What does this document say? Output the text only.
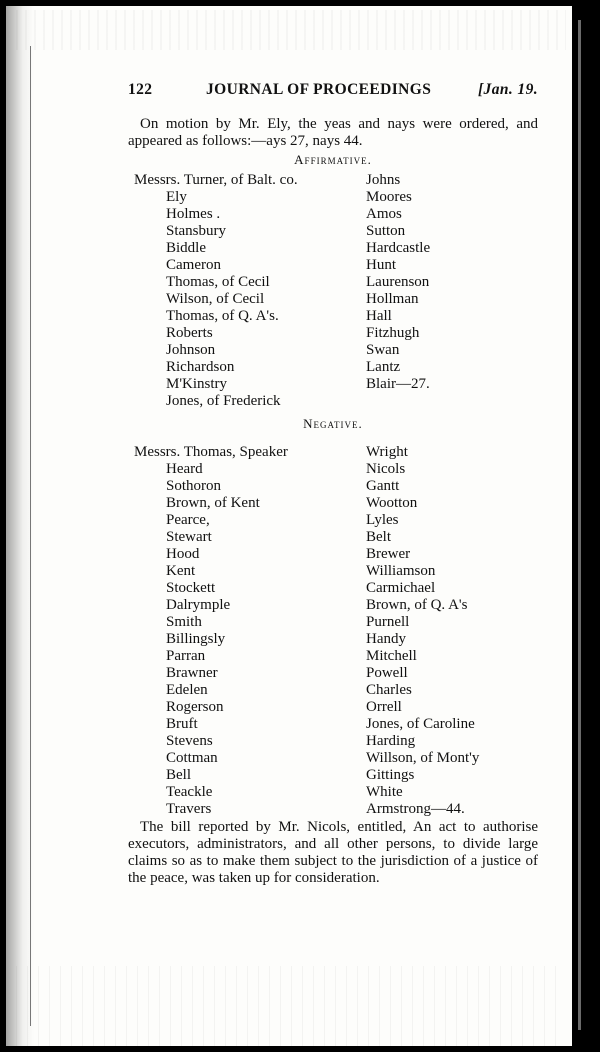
122	JOURNAL OF PROCEEDINGS	[Jan. 19.
On motion by Mr. Ely, the yeas and nays were ordered, and appeared as follows:—ays 27, nays 44.
Affirmative.
Messrs. Turner, of Balt. co.	Johns
Ely	Moores
Holmes .	Amos
Stansbury	Sutton
Biddle	Hardcastle
Cameron	Hunt
Thomas, of Cecil	Laurenson
Wilson, of Cecil	Hollman
Thomas, of Q. A's.	Hall
Roberts	Fitzhugh
Johnson	Swan
Richardson	Lantz
M'Kinstry	Blair—27.
Jones, of Frederick
Negative.
Messrs. Thomas, Speaker	Wright
Heard	Nicols
Sothoron	Gantt
Brown, of Kent	Wootton
Pearce,	Lyles
Stewart	Belt
Hood	Brewer
Kent	Williamson
Stockett	Carmichael
Dalrymple	Brown, of Q. A's
Smith	Purnell
Billingsly	Handy
Parran	Mitchell
Brawner	Powell
Edelen	Charles
Rogerson	Orrell
Bruft	Jones, of Caroline
Stevens	Harding
Cottman	Willson, of Mont'y
Bell	Gittings
Teackle	White
Travers	Armstrong—44.
The bill reported by Mr. Nicols, entitled, An act to authorise executors, administrators, and all other persons, to divide large claims so as to make them subject to the jurisdiction of a justice of the peace, was taken up for consideration.
